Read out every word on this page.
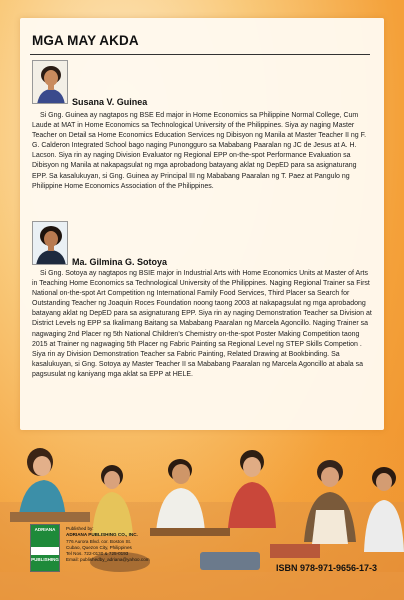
MGA MAY AKDA
Susana V. Guinea

Si Gng. Guinea ay nagtapos ng BSE Ed major in Home Economics sa Philippine Normal College, Cum Laude at MAT in Home Economics sa Technological University of the Philippines. Siya ay naging Master Teacher on Detail sa Home Economics Education Services ng Dibisyon ng Manila at Master Teacher II ng F. G. Calderon Integrated School bago naging Punongguro sa Mababang Paaralan ng JC de Jesus at A. H. Lacson. Siya rin ay naging Division Evaluator ng Regional EPP on-the-spot Performance Evaluation sa Dibisyon ng Manila at nakapagsulat ng mga aprobadong batayang aklat ng DepED para sa asignaturang EPP. Sa kasalukuyan, si Gng. Guinea ay Principal III ng Mababang Paaralan ng T. Paez at Pangulo ng Philippine Home Economics Association of the Philippines.

Ma. Gilmina G. Sotoya

Si Gng. Sotoya ay nagtapos ng BSIE major in Industrial Arts with Home Economics Units at Master of Arts in Teaching Home Economics sa Technological University of the Philippines. Naging Regional Trainer sa First National on-the-spot Art Competition ng International Family Food Services, Third Placer sa Search for Outstanding Teacher ng Joaquin Roces Foundation noong taong 2003 at nakapagsulat ng mga aprobadong batayang aklat ng DepED para sa asignaturang EPP. Siya rin ay naging Demonstration Teacher sa Division at District Levels ng EPP sa Ikalimang Baitang sa Mababang Paaralan ng Marcela Agoncillo. Naging Trainer sa nagwaging 2nd Placer ng 5th National Children's Chemistry on-the-spot Poster Making Competition taong 2015 at Trainer ng nagwaging 5th Placer ng Fabric Painting sa Regional Level ng STEP Skills Competion . Siya rin ay Division Demonstration Teacher sa Fabric Painting, Related Drawing at Bookbinding. Sa kasalukuyan, si Gng. Sotoya ay Master Teacher II sa Mababang Paaralan ng Marcela Agoncillo at abala sa pagsusulat ng kaniyang mga aklat sa EPP at HELE.

ADRIANA
PUBLISHING
Published by:
ADRIANA PUBLISHING CO., INC.
776 Aurora Blvd. cor. Boston St.
Cubao, Quezon City, Philippines
Tel Nos. 722-0130 & 725-0193
Email: publishedby_adriana@yahoo.com
ISBN 978-971-9656-17-3
